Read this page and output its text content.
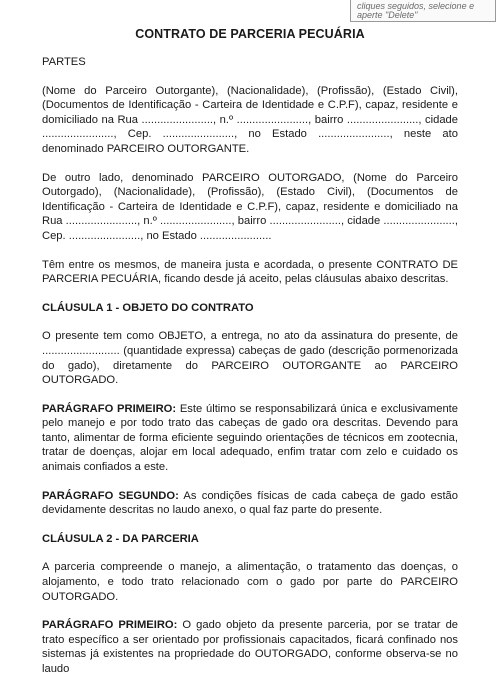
cliques seguidos, selecione e
aperte "Delete"
CONTRATO DE PARCERIA PECUÁRIA

PARTES

(Nome do Parceiro Outorgante), (Nacionalidade), (Profissão), (Estado Civil), (Documentos de Identificação - Carteira de Identidade e C.P.F), capaz, residente e domiciliado na Rua ......................., n.º ......................., bairro ......................., cidade ......................., Cep. ......................., no Estado ......................., neste ato denominado PARCEIRO OUTORGANTE.

De outro lado, denominado PARCEIRO OUTORGADO, (Nome do Parceiro Outorgado), (Nacionalidade), (Profissão), (Estado Civil), (Documentos de Identificação - Carteira de Identidade e C.P.F), capaz, residente e domiciliado na Rua ......................., n.º ......................., bairro ......................., cidade ......................., Cep. ......................., no Estado .......................

Têm entre os mesmos, de maneira justa e acordada, o presente CONTRATO DE PARCERIA PECUÁRIA, ficando desde já aceito, pelas cláusulas abaixo descritas.

CLÁUSULA 1 - OBJETO DO CONTRATO

O presente tem como OBJETO, a entrega, no ato da assinatura do presente, de ......................... (quantidade expressa) cabeças de gado (descrição pormenorizada do gado), diretamente do PARCEIRO OUTORGANTE ao PARCEIRO OUTORGADO.

PARÁGRAFO PRIMEIRO: Este último se responsabilizará única e exclusivamente pelo manejo e por todo trato das cabeças de gado ora descritas. Devendo para tanto, alimentar de forma eficiente seguindo orientações de técnicos em zootecnia, tratar de doenças, alojar em local adequado, enfim tratar com zelo e cuidado os animais confiados a este.

PARÁGRAFO SEGUNDO: As condições físicas de cada cabeça de gado estão devidamente descritas no laudo anexo, o qual faz parte do presente.

CLÁUSULA 2 - DA PARCERIA

A parceria compreende o manejo, a alimentação, o tratamento das doenças, o alojamento, e todo trato relacionado com o gado por parte do PARCEIRO OUTORGADO.

PARÁGRAFO PRIMEIRO: O gado objeto da presente parceria, por se tratar de trato específico a ser orientado por profissionais capacitados, ficará confinado nos sistemas já existentes na propriedade do OUTORGADO, conforme observa-se no laudo
